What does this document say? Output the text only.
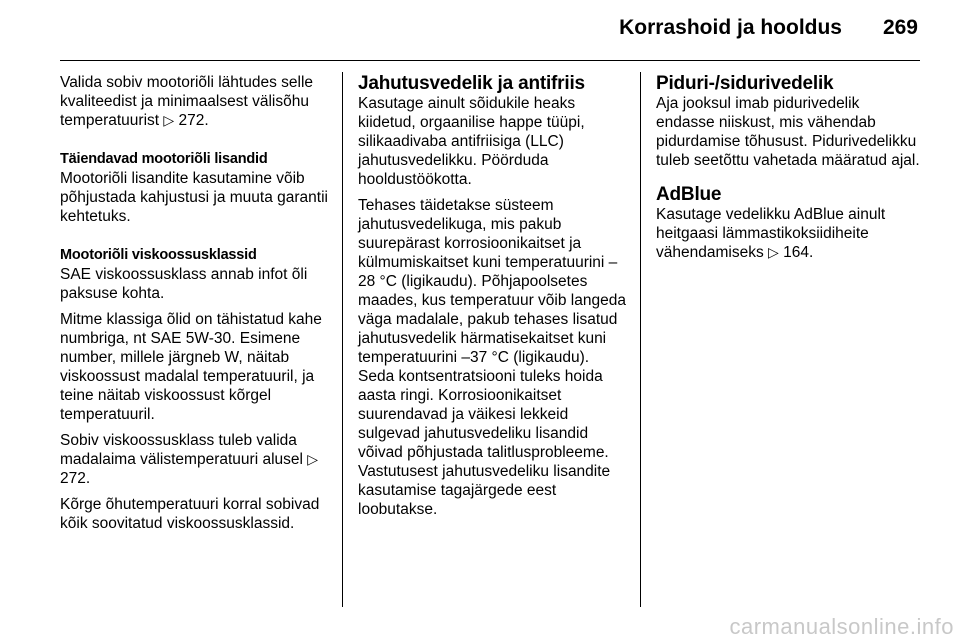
Korrashoid ja hooldus 269

Valida sobiv mootoriõli lähtudes selle kvaliteedist ja minimaalsest välisõhu temperatuurist ▷ 272.

Täiendavad mootoriõli lisandid

Mootoriõli lisandite kasutamine võib põhjustada kahjustusi ja muuta garantii kehtetuks.

Mootoriõli viskoossusklassid

SAE viskoossusklass annab infot õli paksuse kohta.

Mitme klassiga õlid on tähistatud kahe numbriga, nt SAE 5W-30. Esimene number, millele järgneb W, näitab viskoossust madalal temperatuuril, ja teine näitab viskoossust kõrgel temperatuuril.

Sobiv viskoossusklass tuleb valida madalaima välistemperatuuri alusel ▷ 272.

Kõrge õhutemperatuuri korral sobivad kõik soovitatud viskoossusklassid.

Jahutusvedelik ja antifriis

Kasutage ainult sõidukile heaks kiidetud, orgaanilise happe tüüpi, silikaadivaba antifriisiga (LLC) jahutusvedelikku. Pöörduda hooldustöökotta.

Tehases täidetakse süsteem jahutusvedelikuga, mis pakub suurepärast korrosioonikaitset ja külmumiskaitset kuni temperatuurini –28 °C (ligikaudu). Põhjapoolsetes maades, kus temperatuur võib langeda väga madalale, pakub tehases lisatud jahutusvedelik härmatisekaitset kuni temperatuurini –37 °C (ligikaudu). Seda kontsentratsiooni tuleks hoida aasta ringi. Korrosioonikaitset suurendavad ja väikesi lekkeid sulgevad jahutusvedeliku lisandid võivad põhjustada talitlusprobleeme. Vastutusest jahutusvedeliku lisandite kasutamise tagajärgede eest loobutakse.

Piduri-/sidurivedelik

Aja jooksul imab pidurivedelik endasse niiskust, mis vähendab pidurdamise tõhusust. Pidurivedelikku tuleb seetõttu vahetada määratud ajal.

AdBlue

Kasutage vedelikku AdBlue ainult heitgaasi lämmastikoksiidiheite vähendamiseks ▷ 164.

carmanualsonline.info
